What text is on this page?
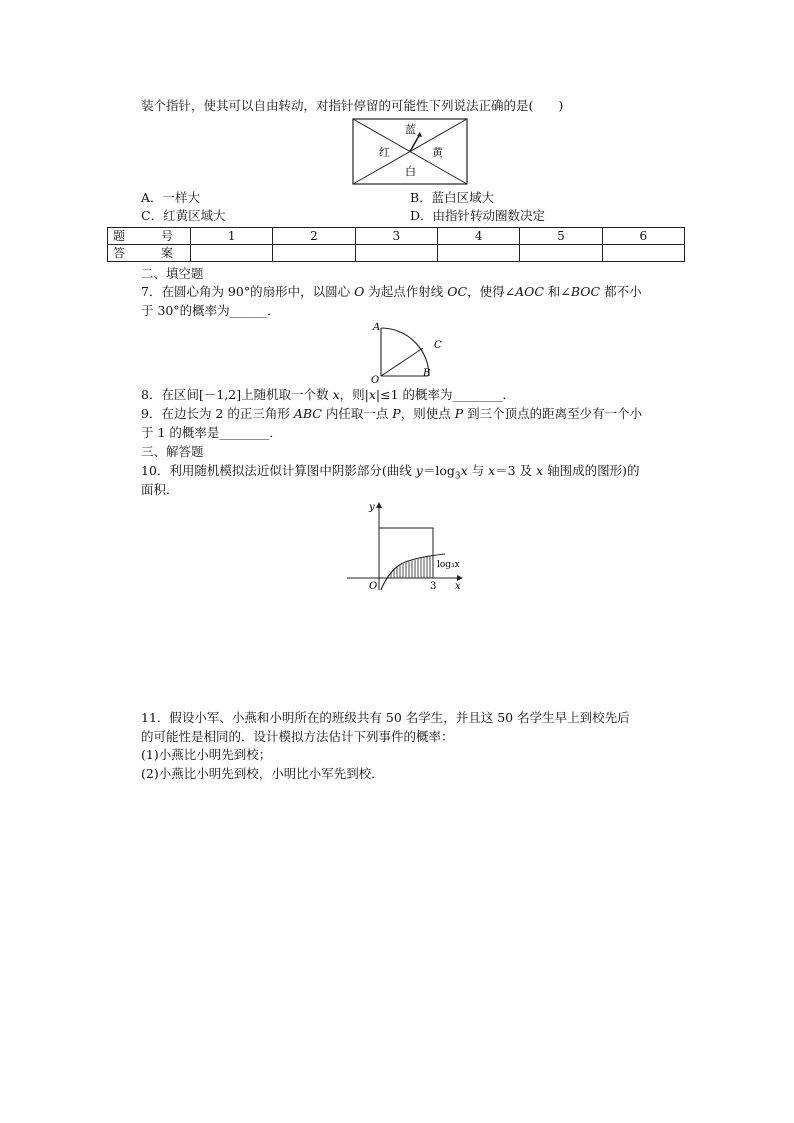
装个指针，使其可以自由转动，对指针停留的可能性下列说法正确的是(　　)
蓝
红	黄
白
A．一样大	B．蓝白区域大
C．红黄区域大	D．由指针转动圈数决定
题　号	1	2	3	4	5	6
答　案						
二、填空题
7．在圆心角为 90°的扇形中，以圆心 O 为起点作射线 OC，使得∠AOC 和∠BOC 都不小
于 30°的概率为______．
A
C
O
B
8．在区间[－1,2]上随机取一个数 x，则|x|≤1 的概率为________．
9．在边长为 2 的正三角形 ABC 内任取一点 P，则使点 P 到三个顶点的距离至少有一个小
于 1 的概率是________．
三、解答题
10．利用随机模拟法近似计算图中阴影部分(曲线 $y=\log_3x$ 与 x＝3 及 x 轴围成的图形)的
面积．
y
x
O	3
log₃x
11．假设小军、小燕和小明所在的班级共有 50 名学生，并且这 50 名学生早上到校先后
的可能性是相同的．设计模拟方法估计下列事件的概率：
(1)小燕比小明先到校；
(2)小燕比小明先到校，小明比小军先到校．
